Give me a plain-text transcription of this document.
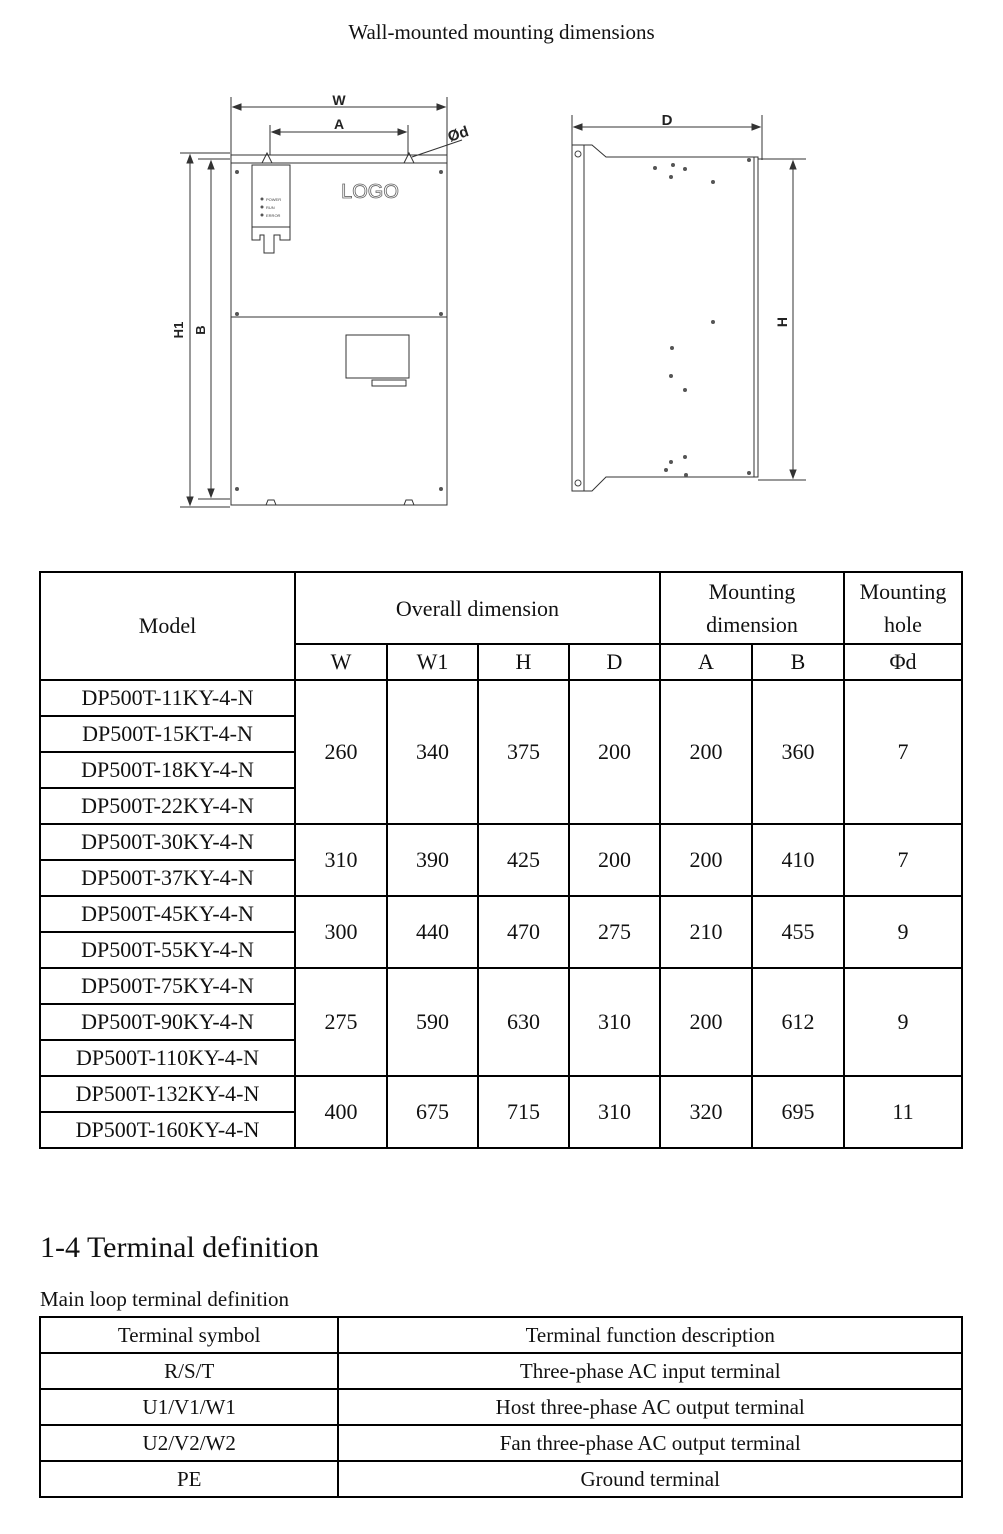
Wall-mounted mounting dimensions
W
A	Ød
H1 B
LOGO
POWER
RUN
ERROR
D
H
Model	Overall dimension				Mounting dimension		Mounting hole
	W	W1	H	D	A	B	Φd
DP500T-11KY-4-N	260	340	375	200	200	360	7
DP500T-15KT-4-N							
DP500T-18KY-4-N							
DP500T-22KY-4-N							
DP500T-30KY-4-N	310	390	425	200	200	410	7
DP500T-37KY-4-N							
DP500T-45KY-4-N	300	440	470	275	210	455	9
DP500T-55KY-4-N							
DP500T-75KY-4-N	275	590	630	310	200	612	9
DP500T-90KY-4-N							
DP500T-110KY-4-N							
DP500T-132KY-4-N	400	675	715	310	320	695	11
DP500T-160KY-4-N							
1-4 Terminal definition
Main loop terminal definition
Terminal symbol	Terminal function description
R/S/T	Three-phase AC input terminal
U1/V1/W1	Host three-phase AC output terminal
U2/V2/W2	Fan three-phase AC output terminal
PE	Ground terminal
